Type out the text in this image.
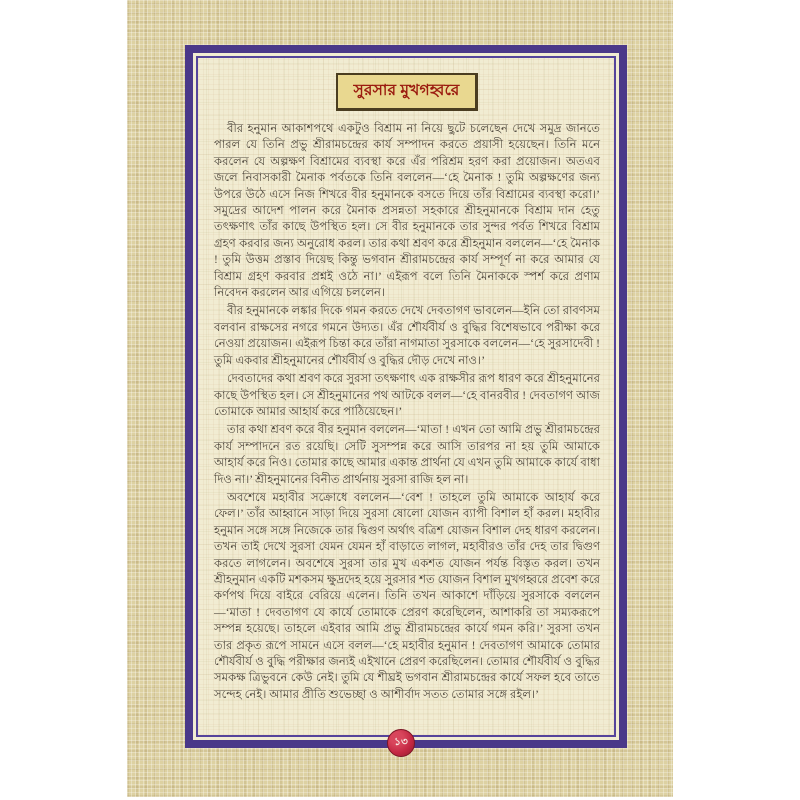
সুরসার মুখগহ্বরে

বীর হনুমান আকাশপথে একটুও বিশ্রাম না নিয়ে ছুটে চলেছেন দেখে সমুদ্র জানতে পারল যে তিনি প্রভু শ্রীরামচন্দ্রের কার্য সম্পাদন করতে প্রয়াসী হয়েছেন। তিনি মনে করলেন যে অল্পক্ষণ বিশ্রামের ব্যবস্থা করে এঁর পরিশ্রম হরণ করা প্রয়োজন। অতএব জলে নিবাসকারী মৈনাক পর্বতকে তিনি বললেন—‘হে মৈনাক ! তুমি অল্পক্ষণের জন্য উপরে উঠে এসে নিজ শিখরে বীর হনুমানকে বসতে দিয়ে তাঁর বিশ্রামের ব্যবস্থা করো।’ সমুদ্রের আদেশ পালন করে মৈনাক প্রসন্নতা সহকারে শ্রীহনুমানকে বিশ্রাম দান হেতু তৎক্ষণাৎ তাঁর কাছে উপস্থিত হল। সে বীর হনুমানকে তার সুন্দর পর্বত শিখরে বিশ্রাম গ্রহণ করবার জন্য অনুরোধ করল। তার কথা শ্রবণ করে শ্রীহনুমান বললেন—‘হে মৈনাক ! তুমি উত্তম প্রস্তাব দিয়েছ কিন্তু ভগবান শ্রীরামচন্দ্রের কার্য সম্পূর্ণ না করে আমার যে বিশ্রাম গ্রহণ করবার প্রশ্নই ওঠে না।’ এইরূপ বলে তিনি মৈনাককে স্পর্শ করে প্রণাম নিবেদন করলেন আর এগিয়ে চললেন।

বীর হনুমানকে লঙ্কার দিকে গমন করতে দেখে দেবতাগণ ভাবলেন—ইনি তো রাবণসম বলবান রাক্ষসের নগরে গমনে উদ্যত। এঁর শৌর্যবীর্য ও বুদ্ধির বিশেষভাবে পরীক্ষা করে নেওয়া প্রয়োজন। এইরূপ চিন্তা করে তাঁরা নাগমাতা সুরসাকে বললেন—‘হে সুরসাদেবী ! তুমি একবার শ্রীহনুমানের শৌর্যবীর্য ও বুদ্ধির দৌড় দেখে নাও।’

দেবতাদের কথা শ্রবণ করে সুরসা তৎক্ষণাৎ এক রাক্ষসীর রূপ ধারণ করে শ্রীহনুমানের কাছে উপস্থিত হল। সে শ্রীহনুমানের পথ আটকে বলল—‘হে বানরবীর ! দেবতাগণ আজ তোমাকে আমার আহার্য করে পাঠিয়েছেন।’

তার কথা শ্রবণ করে বীর হনুমান বললেন—‘মাতা ! এখন তো আমি প্রভু শ্রীরামচন্দ্রের কার্য সম্পাদনে রত রয়েছি। সেটি সুসম্পন্ন করে আসি তারপর না হয় তুমি আমাকে আহার্য করে নিও। তোমার কাছে আমার একান্ত প্রার্থনা যে এখন তুমি আমাকে কার্যে বাধা দিও না।’ শ্রীহনুমানের বিনীত প্রার্থনায় সুরসা রাজি হল না।

অবশেষে মহাবীর সক্রোধে বললেন—‘বেশ ! তাহলে তুমি আমাকে আহার্য করে ফেল।’ তাঁর আহ্বানে সাড়া দিয়ে সুরসা ষোলো যোজন ব্যাপী বিশাল হাঁ করল। মহাবীর হনুমান সঙ্গে সঙ্গে নিজেকে তার দ্বিগুণ অর্থাৎ বত্রিশ যোজন বিশাল দেহ ধারণ করলেন। তখন তাই দেখে সুরসা যেমন যেমন হাঁ বাড়াতে লাগল, মহাবীরও তাঁর দেহ তার দ্বিগুণ করতে লাগলেন। অবশেষে সুরসা তার মুখ একশত যোজন পর্যন্ত বিস্তৃত করল। তখন শ্রীহনুমান একটি মশকসম ক্ষুদ্রদেহ হয়ে সুরসার শত যোজন বিশাল মুখগহ্বরে প্রবেশ করে কর্ণপথ দিয়ে বাইরে বেরিয়ে এলেন। তিনি তখন আকাশে দাঁড়িয়ে সুরসাকে বললেন—‘মাতা ! দেবতাগণ যে কার্যে তোমাকে প্রেরণ করেছিলেন, আশাকরি তা সম্যকরূপে সম্পন্ন হয়েছে। তাহলে এইবার আমি প্রভু শ্রীরামচন্দ্রের কার্যে গমন করি।’ সুরসা তখন তার প্রকৃত রূপে সামনে এসে বলল—‘হে মহাবীর হনুমান ! দেবতাগণ আমাকে তোমার শৌর্যবীর্য ও বুদ্ধি পরীক্ষার জন্যই এইখানে প্রেরণ করেছিলেন। তোমার শৌর্যবীর্য ও বুদ্ধির সমকক্ষ ত্রিভুবনে কেউ নেই। তুমি যে শীঘ্রই ভগবান শ্রীরামচন্দ্রের কার্যে সফল হবে তাতে সন্দেহ নেই। আমার প্রীতি শুভেচ্ছা ও আশীর্বাদ সতত তোমার সঙ্গে রইল।’

১৩
